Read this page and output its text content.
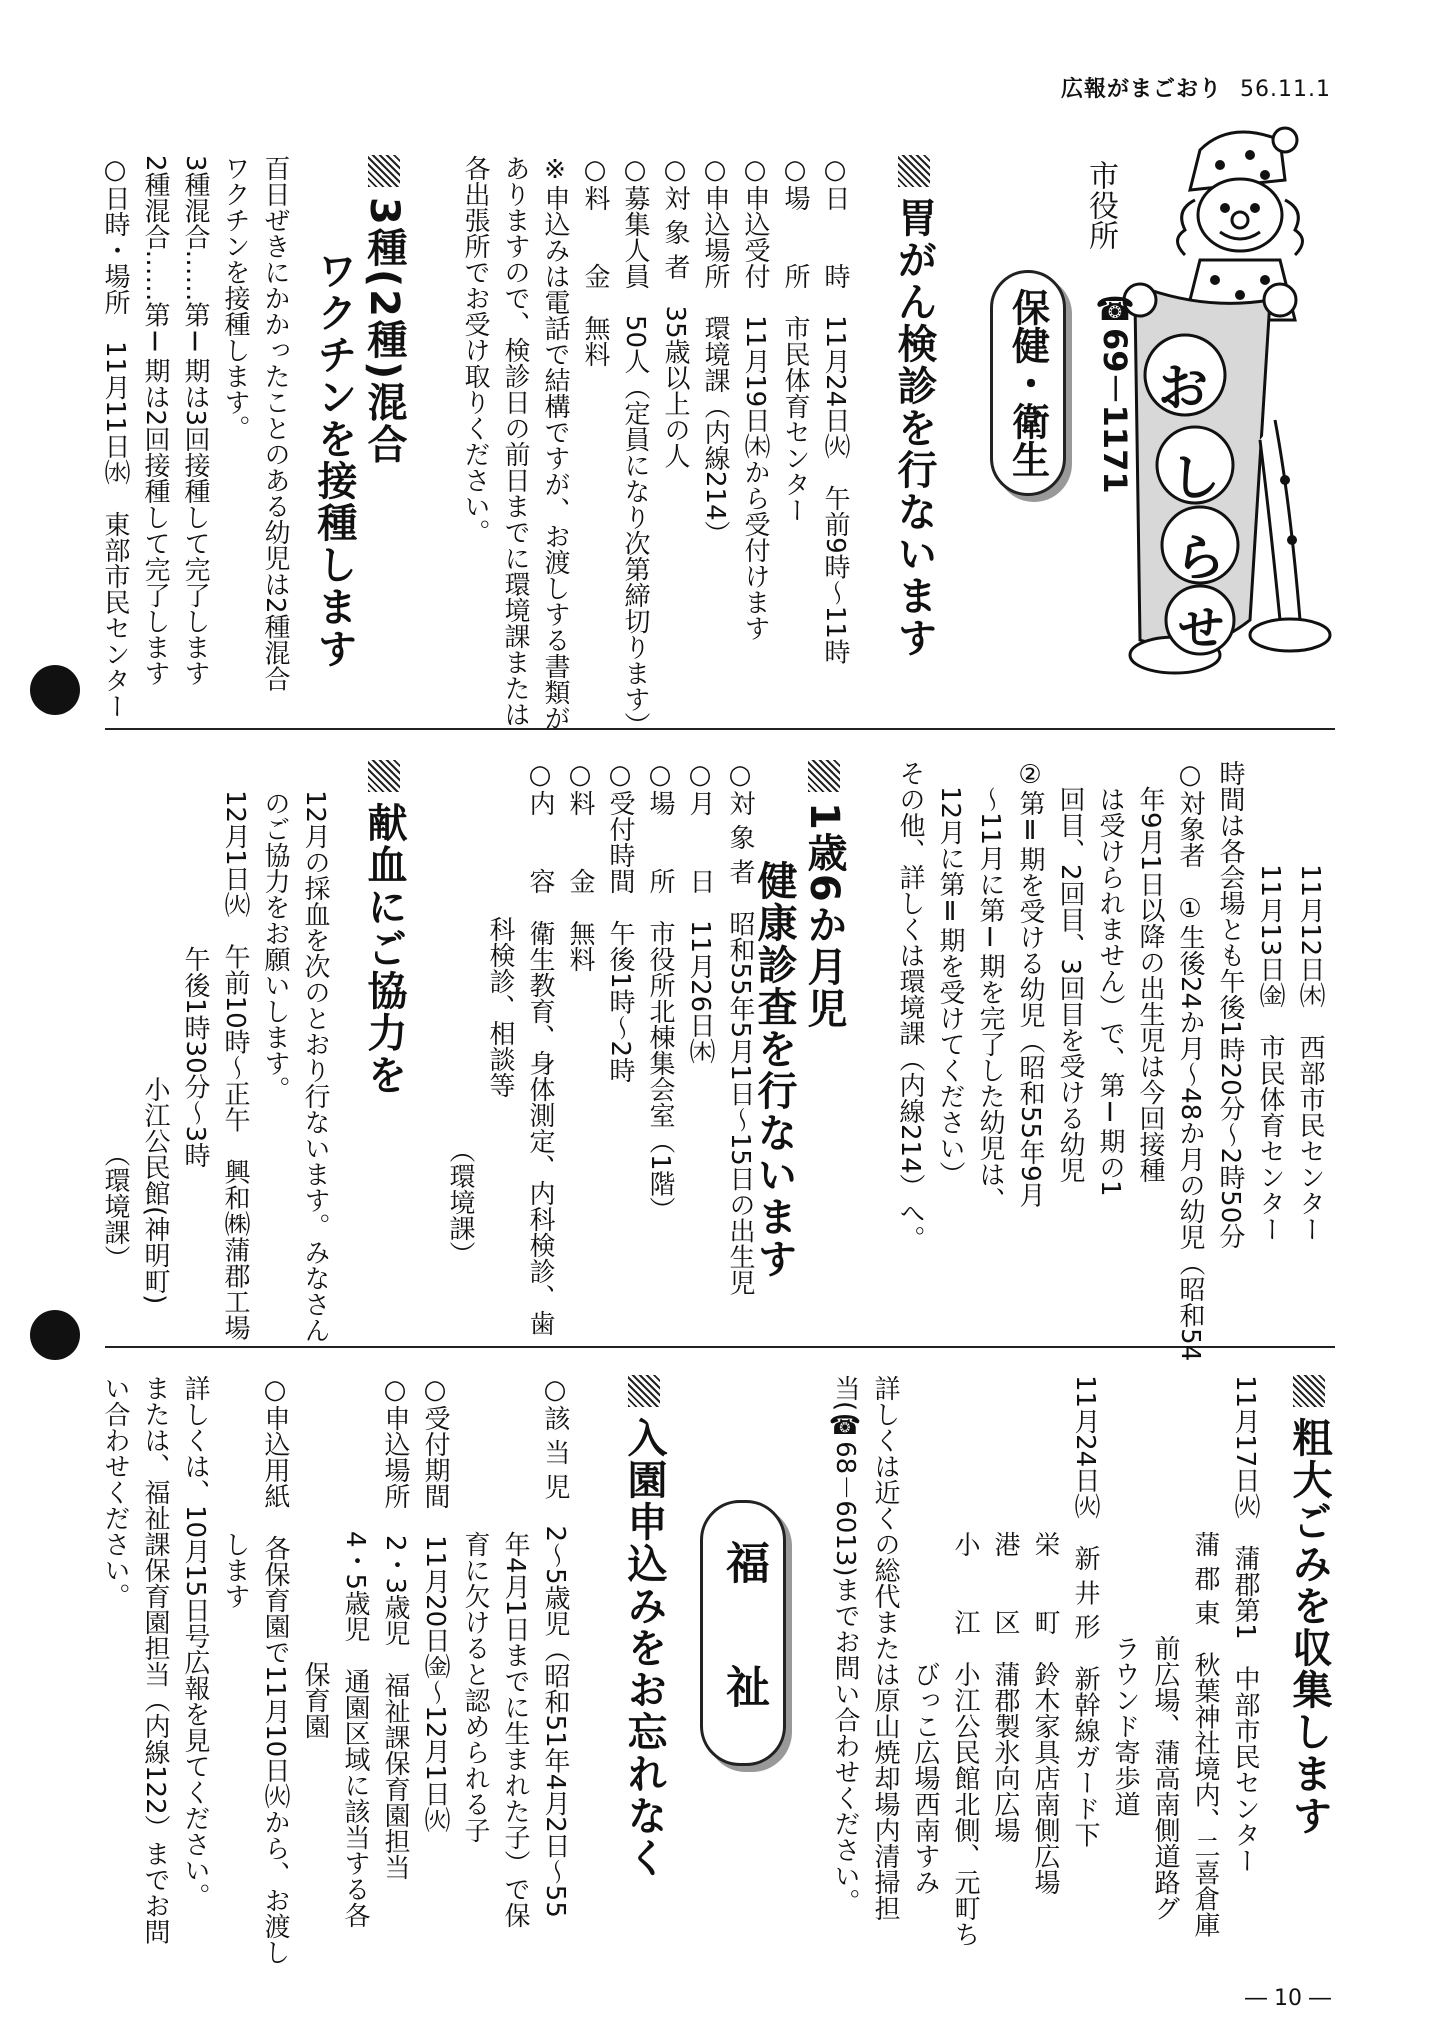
広報がまごおり 56.11.1
お
し
ら
せ
市役所
☎69－1171
保健・衛生
胃がん検診を行ないます
○日　　時　11月24日㈫　午前9時～11時
○場　　所　市民体育センター
○申込受付　11月19日㈭から受付けます
○申込場所　環境課（内線214）
○対 象 者　35歳以上の人
○募集人員　50人（定員になり次第締切ります）
○料　　金　無料
※申込みは電話で結構ですが、お渡しする書類が
ありますので、検診日の前日までに環境課または
各出張所でお受け取りください。
3種(2種)混合
ワクチンを接種します
百日ぜきにかかったことのある幼児は2種混合
ワクチンを接種します。
3種混合……第Ⅰ期は3回接種して完了します
2種混合……第Ⅰ期は2回接種して完了します
○日時・場所　11月11日㈬　東部市民センター
　　　　11月12日㈭　西部市民センター
　　　　11月13日㈮　市民体育センター
時間は各会場とも午後1時20分～2時50分
○対象者　①生後24か月～48か月の幼児（昭和54
　年9月1日以降の出生児は今回接種
　は受けられません）で、第Ⅰ期の1
　回目、2回目、3回目を受ける幼児
②第Ⅱ期を受ける幼児（昭和55年9月
　～11月に第Ⅰ期を完了した幼児は、
　12月に第Ⅱ期を受けてください）
その他、詳しくは環境課（内線214）へ。
1歳6か月児
健康診査を行ないます
○対 象 者　昭和55年5月1日～15日の出生児
○月　　日　11月26日㈭
○場　　所　市役所北棟集会室（1階）
○受付時間　午後1時～2時
○料　　金　無料
○内　　容　衛生教育、身体測定、内科検診、歯
　　　　　　科検診、相談等
　　　　　　　　　　　　　　　（環境課）
献血にご協力を
12月の採血を次のとおり行ないます。みなさん
のご協力をお願いします。
12月1日㈫　午前10時～正午　興和㈱蒲郡工場
　　　　　　午後1時30分～3時
　　　　　　　　　　　小江公民館(神明町)
　　　　　　　　　　　　　　（環境課）
粗大ごみを収集します
11月17日㈫　蒲郡第1　中部市民センター
　　　　　　蒲 郡 東　秋葉神社境内、二喜倉庫
　　　　　　　　　　前広場、蒲高南側道路グ
　　　　　　　　　　ラウンド寄歩道
11月24日㈫　新 井 形　新幹線ガード下
　　　　　　栄　　町　鈴木家具店南側広場
　　　　　　港　　区　蒲郡製氷向広場
　　　　　　小　　江　小江公民館北側、元町ち
　　　　　　　　　　　びっこ広場西南すみ
詳しくは近くの総代または原山焼却場内清掃担
当(☎68－6013)までお問い合わせください。
福　祉
入園申込みをお忘れなく
○該 当 児　2～5歳児（昭和51年4月2日～55
　　　　　　年4月1日までに生まれた子）で保
　　　　　　育に欠けると認められる子
○受付期間　11月20日㈮～12月1日㈫
○申込場所　2・3歳児　福祉課保育園担当
　　　　　　4・5歳児　通園区域に該当する各
　　　　　　　　　　　保育園
○申込用紙　各保育園で11月10日㈫から、お渡し
　　　　　　します
詳しくは、10月15日号広報を見てください。
または、福祉課保育園担当（内線122）までお問
い合わせください。
― 10 ―
